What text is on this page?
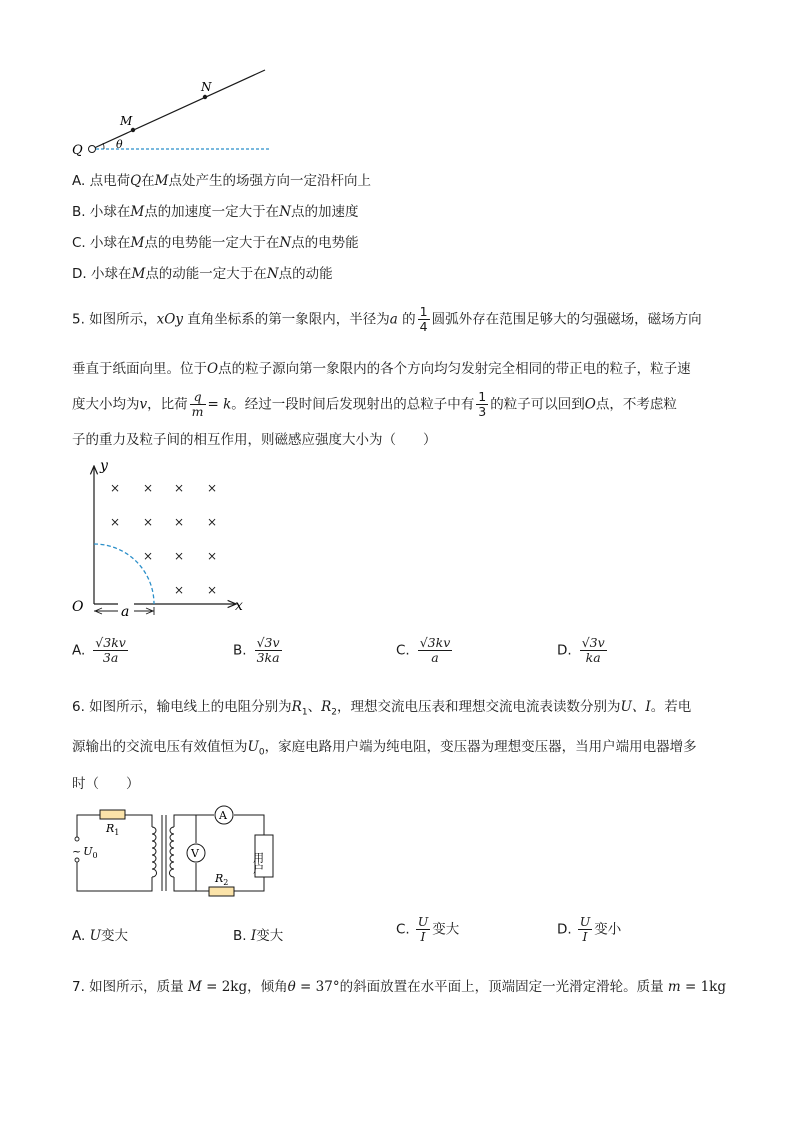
Q
M
N
θ
A. 点电荷Q在M点处产生的场强方向一定沿杆向上
B. 小球在M点的加速度一定大于在N点的加速度
C. 小球在M点的电势能一定大于在N点的电势能
D. 小球在M点的动能一定大于在N点的动能
5. 如图所示，xOy 直角坐标系的第一象限内，半径为a 的 $\frac{1}{4}$ 圆弧外存在范围足够大的匀强磁场，磁场方向
垂直于纸面向里。位于O点的粒子源向第一象限内的各个方向均匀发射完全相同的带正电的粒子，粒子速
度大小均为v，比荷 $\frac{q}{m} = k$。经过一段时间后发现射出的总粒子中有 $\frac{1}{3}$ 的粒子可以回到O点，不考虑粒
子的重力及粒子间的相互作用，则磁感应强度大小为（　　）
y
x
O	a
× × × ×
× × × ×
× × ×
× ×
A. $\frac{√3kv}{3a}$	B. $\frac{√3v}{3ka}$	C. $\frac{√3kv}{a}$	D. $\frac{√3v}{ka}$
6. 如图所示，输电线上的电阻分别为$R_1$、$R_2$，理想交流电压表和理想交流电流表读数分别为U、I。若电
源输出的交流电压有效值恒为$U_0$，家庭电路用户端为纯电阻，变压器为理想变压器，当用户端用电器增多
时（　　）
A
V
$R_1$
$R_2$
~ $U_0$	用户
A. U变大	B. I变大	C. $\frac{U}{I}$ 变大	D. $\frac{U}{I}$ 变小
7. 如图所示，质量 M = 2kg，倾角θ = 37°的斜面放置在水平面上，顶端固定一光滑定滑轮。质量 m = 1kg
